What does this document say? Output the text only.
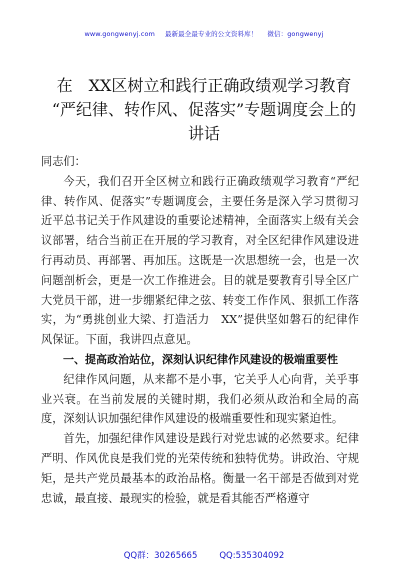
www.gongwenyj.com 最新最全最专业的公文资料库！ 微信：gongwenyj
在　XX区树立和践行正确政绩观学习教育
“严纪律、转作风、促落实”专题调度会上的
讲话

同志们：

今天，我们召开全区树立和践行正确政绩观学习教育“严纪律、转作风、促落实”专题调度会，主要任务是深入学习贯彻习近平总书记关于作风建设的重要论述精神，全面落实上级有关会议部署，结合当前正在开展的学习教育，对全区纪律作风建设进行再动员、再部署、再加压。这既是一次思想统一会，也是一次问题剖析会，更是一次工作推进会。目的就是要教育引导全区广大党员干部，进一步绷紧纪律之弦、转变工作作风、狠抓工作落实，为“勇挑创业大梁、打造活力　XX”提供坚如磐石的纪律作风保证。下面，我讲四点意见。

一、提高政治站位，深刻认识纪律作风建设的极端重要性

纪律作风问题，从来都不是小事，它关乎人心向背，关乎事业兴衰。在当前发展的关键时期，我们必须从政治和全局的高度，深刻认识加强纪律作风建设的极端重要性和现实紧迫性。

首先，加强纪律作风建设是践行对党忠诚的必然要求。纪律严明、作风优良是我们党的光荣传统和独特优势。讲政治、守规矩，是共产党员最基本的政治品格。衡量一名干部是否做到对党忠诚，最直接、最现实的检验，就是看其能否严格遵守

QQ群：30265665	QQ:535304092
